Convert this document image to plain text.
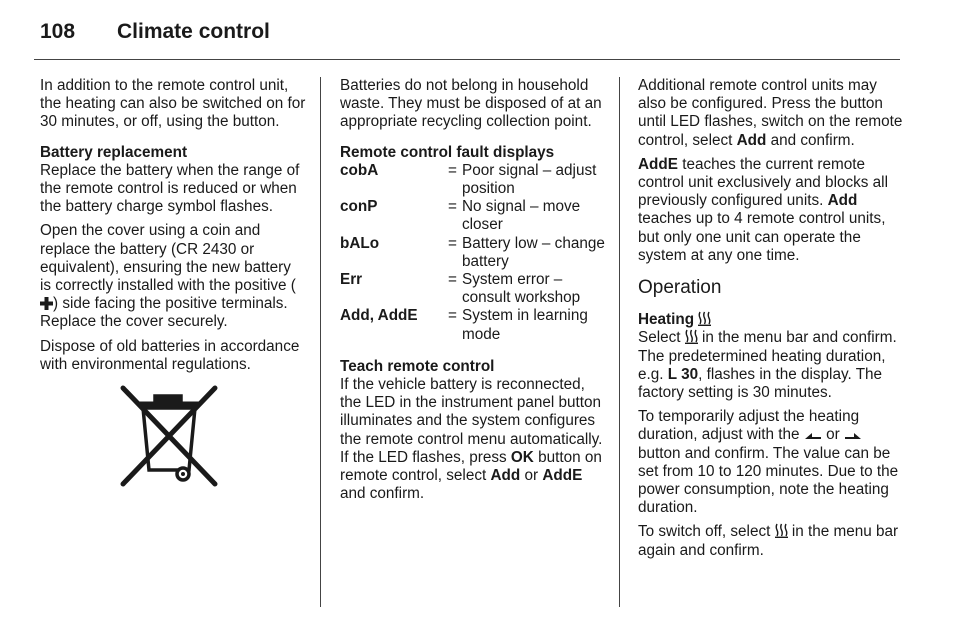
108 Climate control

In addition to the remote control unit, the heating can also be switched on for 30 minutes, or off, using the button.

Battery replacement

Replace the battery when the range of the remote control is reduced or when the battery charge symbol flashes.

Open the cover using a coin and replace the battery (CR 2430 or equivalent), ensuring the new battery is correctly installed with the positive () side facing the positive terminals. Replace the cover securely.

Dispose of old batteries in accordance with environmental regulations.

Batteries do not belong in household waste. They must be disposed of at an appropriate recycling collection point.

Remote control fault displays
cobA	= Poor signal – adjust position
conP	= No signal – move closer
bALo	= Battery low – change battery
Err	= System error – consult workshop
Add, AddE	= System in learning mode
Teach remote control

If the vehicle battery is reconnected, the LED in the instrument panel button illuminates and the system configures the remote control menu automatically. If the LED flashes, press OK button on remote control, select Add or AddE and confirm.

Additional remote control units may also be configured. Press the button until LED flashes, switch on the remote control, select Add and confirm.

AddE teaches the current remote control unit exclusively and blocks all previously configured units. Add teaches up to 4 remote control units, but only one unit can operate the system at any one time.

Operation
Heating

Select  in the menu bar and confirm. The predetermined heating duration, e.g. L 30, flashes in the display. The factory setting is 30 minutes.

To temporarily adjust the heating duration, adjust with the  or  button and confirm. The value can be set from 10 to 120 minutes. Due to the power consumption, note the heating duration.

To switch off, select  in the menu bar again and confirm.
